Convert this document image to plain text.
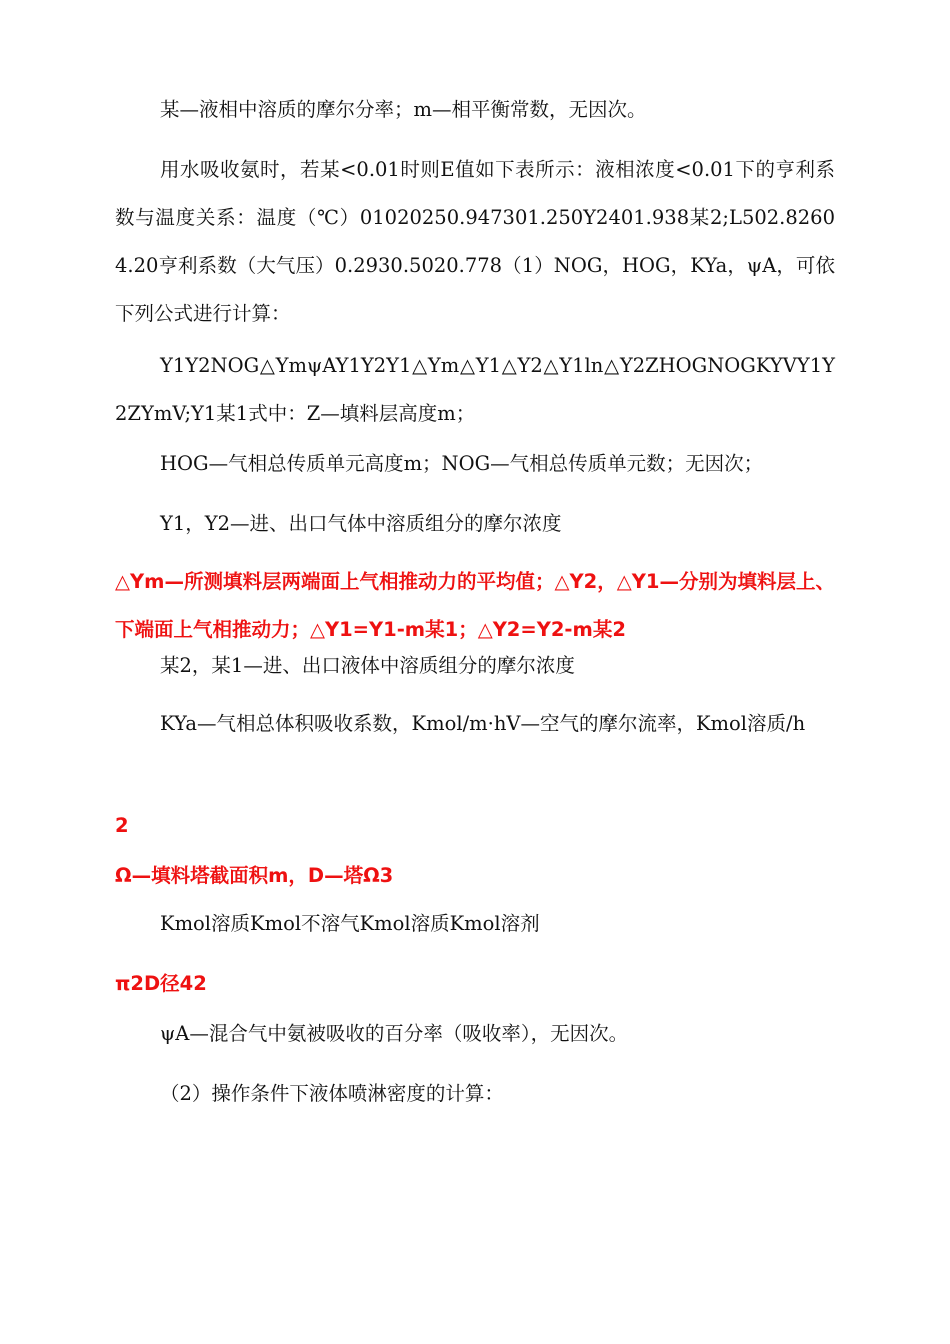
某—液相中溶质的摩尔分率；m—相平衡常数，无因次。

用水吸收氨时，若某<0.01时则E值如下表所示：液相浓度<0.01下的亨利系数与温度关系：温度（℃）01020250.947301.250Y2401.938某2;L502.82604.20亨利系数（大气压）0.2930.5020.778（1）NOG，HOG，KYa，ψA，可依下列公式进行计算：

Y1Y2NOG△YmψAY1Y2Y1△Ym△Y1△Y2△Y1ln△Y2ZHOGNOGKYVY1Y2ZYmV;Y1某1式中：Z—填料层高度m；

HOG—气相总传质单元高度m；NOG—气相总传质单元数；无因次；

Y1，Y2—进、出口气体中溶质组分的摩尔浓度

△Ym—所测填料层两端面上气相推动力的平均值；△Y2，△Y1—分别为填料层上、下端面上气相推动力；△Y1=Y1-m某1；△Y2=Y2-m某2

某2，某1—进、出口液体中溶质组分的摩尔浓度

KYa—气相总体积吸收系数，Kmol/m·hV—空气的摩尔流率，Kmol溶质/h

2

Ω—填料塔截面积m，D—塔Ω3

Kmol溶质Kmol不溶气Kmol溶质Kmol溶剂

π2D径42

ψA—混合气中氨被吸收的百分率（吸收率），无因次。

（2）操作条件下液体喷淋密度的计算：
